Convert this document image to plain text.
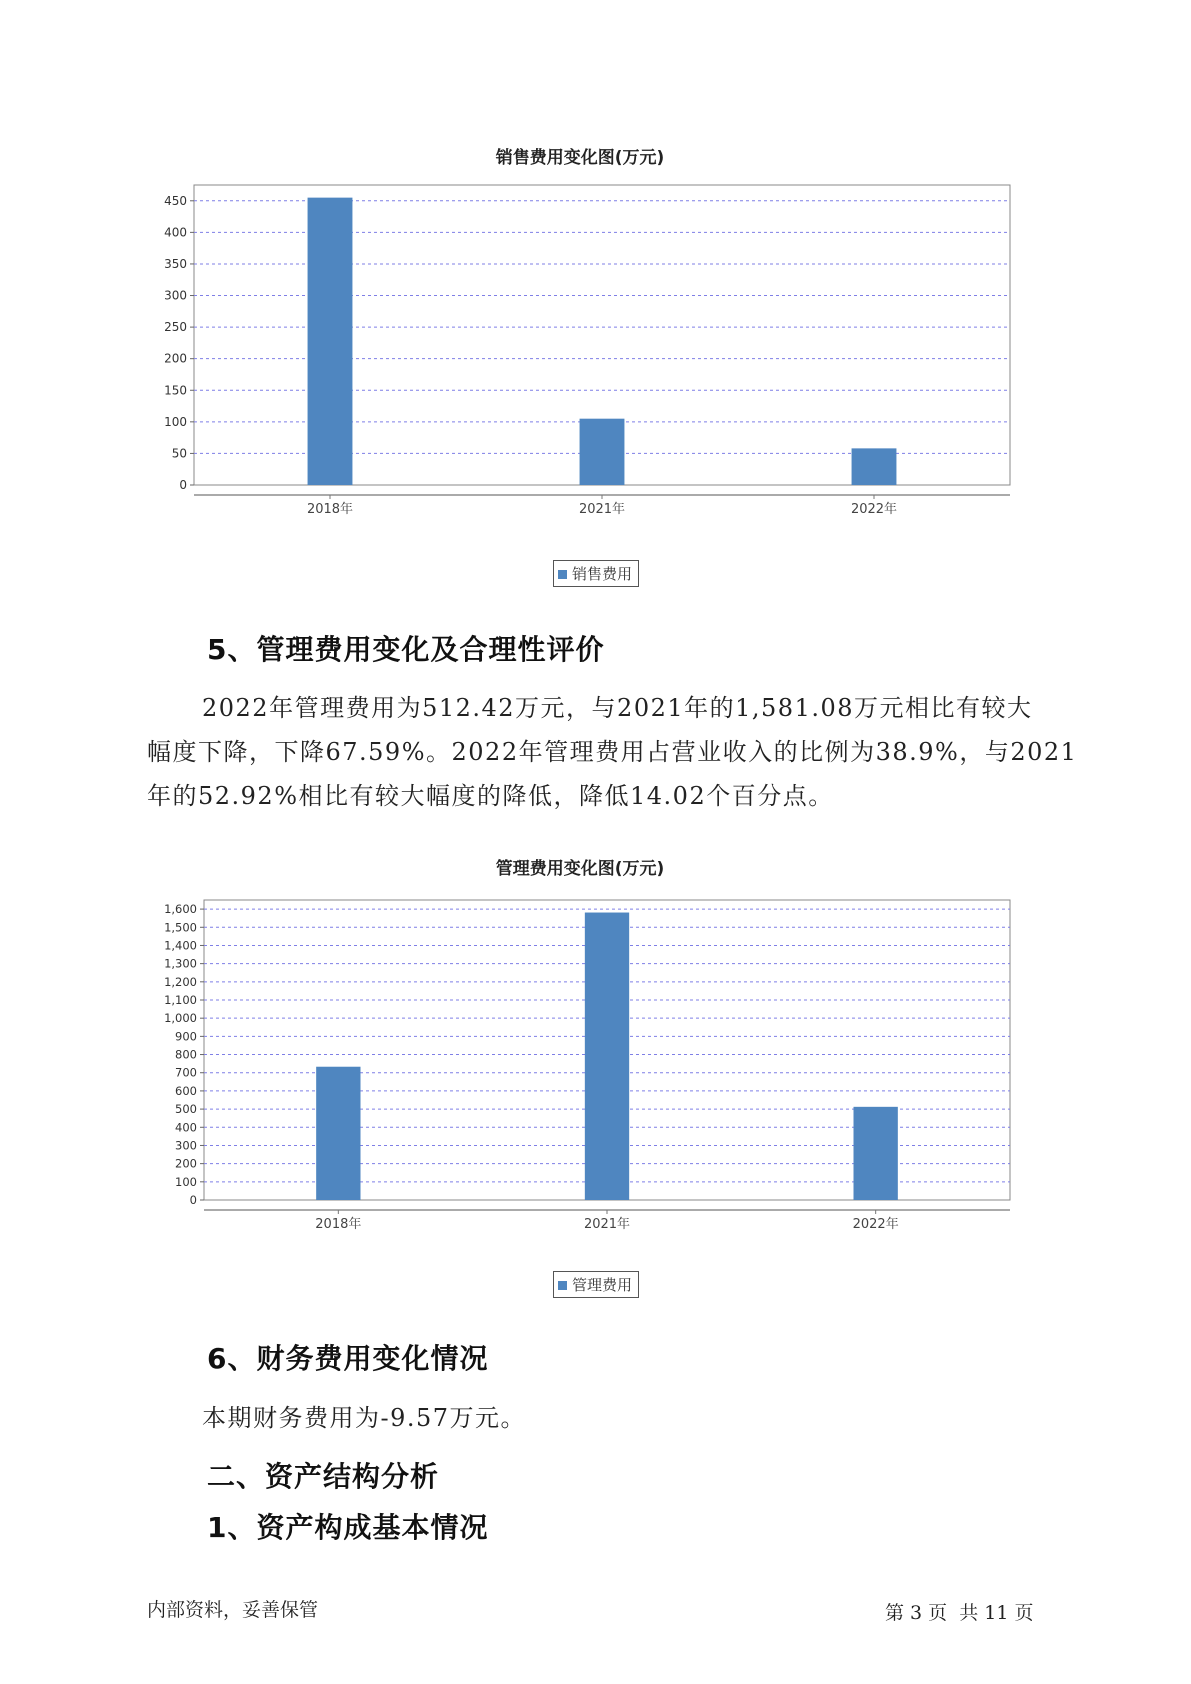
销售费用变化图(万元)
0
50
100
150
200
250
300
350
400
450
2018年	2021年	2022年
销售费用
5、管理费用变化及合理性评价
2022年管理费用为512.42万元，与2021年的1,581.08万元相比有较大
幅度下降，下降67.59%。2022年管理费用占营业收入的比例为38.9%，与2021
年的52.92%相比有较大幅度的降低，降低14.02个百分点。
管理费用变化图(万元)
0
100
200
300
400
500
600
700
800
900
1,000
1,100
1,200
1,300
1,400
1,500
1,600
2018年	2021年	2022年
管理费用
6、财务费用变化情况
本期财务费用为-9.57万元。
二、资产结构分析
1、资产构成基本情况
内部资料，妥善保管	第 3 页  共 11 页
